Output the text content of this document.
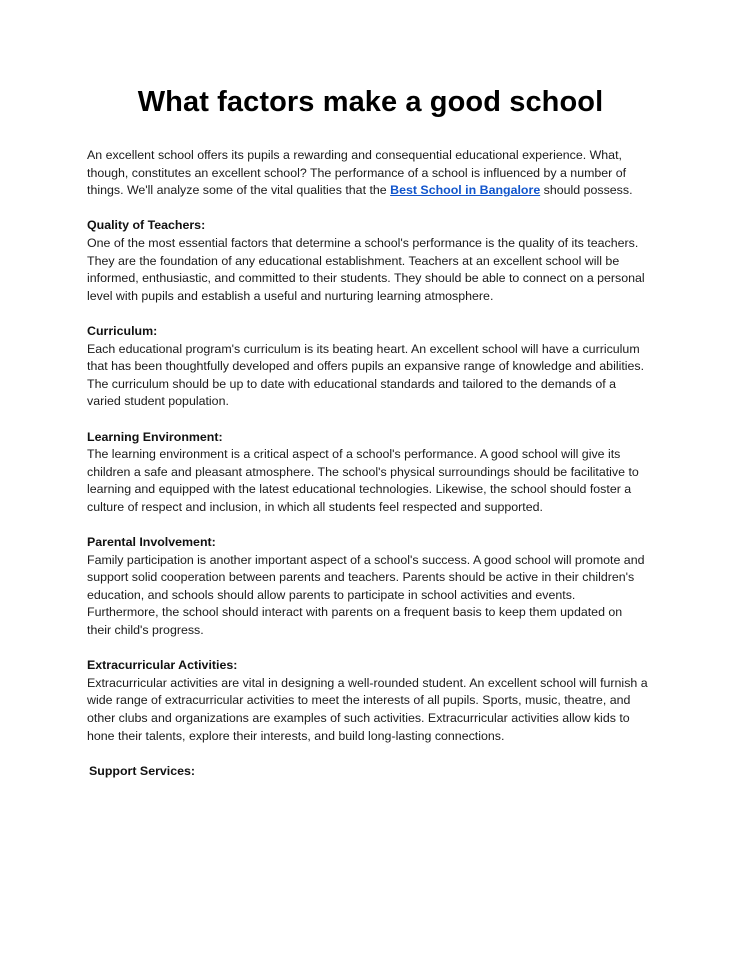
What factors make a good school

An excellent school offers its pupils a rewarding and consequential educational experience. What, though, constitutes an excellent school? The performance of a school is influenced by a number of things. We'll analyze some of the vital qualities that the Best School in Bangalore should possess.

Quality of Teachers:

One of the most essential factors that determine a school's performance is the quality of its teachers. They are the foundation of any educational establishment. Teachers at an excellent school will be informed, enthusiastic, and committed to their students. They should be able to connect on a personal level with pupils and establish a useful and nurturing learning atmosphere.

Curriculum:

Each educational program's curriculum is its beating heart. An excellent school will have a curriculum that has been thoughtfully developed and offers pupils an expansive range of knowledge and abilities. The curriculum should be up to date with educational standards and tailored to the demands of a varied student population.

Learning Environment:

The learning environment is a critical aspect of a school's performance. A good school will give its children a safe and pleasant atmosphere. The school's physical surroundings should be facilitative to learning and equipped with the latest educational technologies. Likewise, the school should foster a culture of respect and inclusion, in which all students feel respected and supported.

Parental Involvement:

Family participation is another important aspect of a school's success. A good school will promote and support solid cooperation between parents and teachers. Parents should be active in their children's education, and schools should allow parents to participate in school activities and events. Furthermore, the school should interact with parents on a frequent basis to keep them updated on their child's progress.

Extracurricular Activities:

Extracurricular activities are vital in designing a well-rounded student. An excellent school will furnish a wide range of extracurricular activities to meet the interests of all pupils. Sports, music, theatre, and other clubs and organizations are examples of such activities. Extracurricular activities allow kids to hone their talents, explore their interests, and build long-lasting connections.

Support Services:
